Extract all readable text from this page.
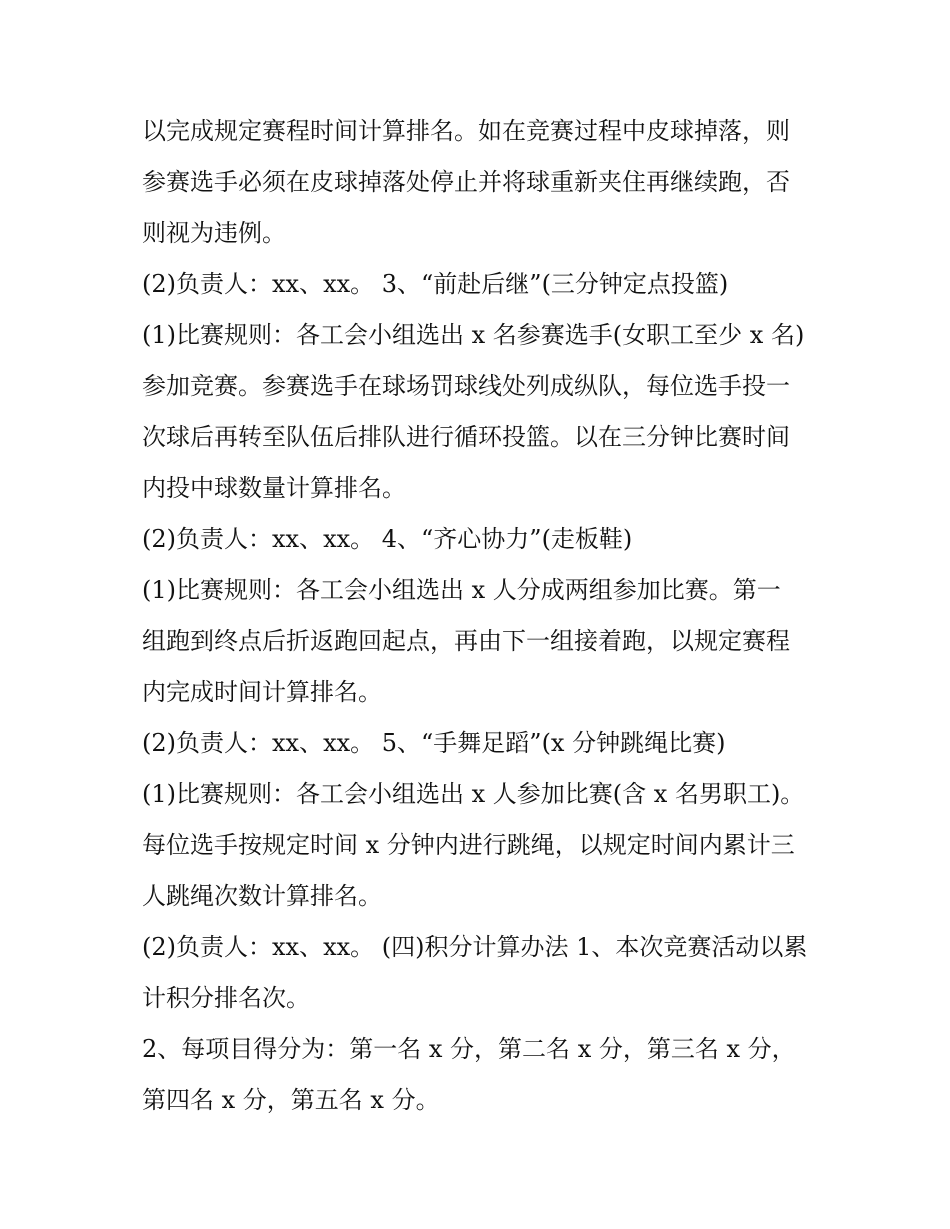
以完成规定赛程时间计算排名。如在竞赛过程中皮球掉落，则
参赛选手必须在皮球掉落处停止并将球重新夹住再继续跑，否
则视为违例。
(2)负责人：xx、xx。 3、“前赴后继”(三分钟定点投篮)
(1)比赛规则：各工会小组选出 x 名参赛选手(女职工至少 x 名)
参加竞赛。参赛选手在球场罚球线处列成纵队，每位选手投一
次球后再转至队伍后排队进行循环投篮。以在三分钟比赛时间
内投中球数量计算排名。
(2)负责人：xx、xx。 4、“齐心协力”(走板鞋)
(1)比赛规则：各工会小组选出 x 人分成两组参加比赛。第一
组跑到终点后折返跑回起点，再由下一组接着跑，以规定赛程
内完成时间计算排名。
(2)负责人：xx、xx。 5、“手舞足蹈”(x 分钟跳绳比赛)
(1)比赛规则：各工会小组选出 x 人参加比赛(含 x 名男职工)。
每位选手按规定时间 x 分钟内进行跳绳，以规定时间内累计三
人跳绳次数计算排名。
(2)负责人：xx、xx。 (四)积分计算办法 1、本次竞赛活动以累
计积分排名次。
2、每项目得分为：第一名 x 分，第二名 x 分，第三名 x 分，
第四名 x 分，第五名 x 分。
